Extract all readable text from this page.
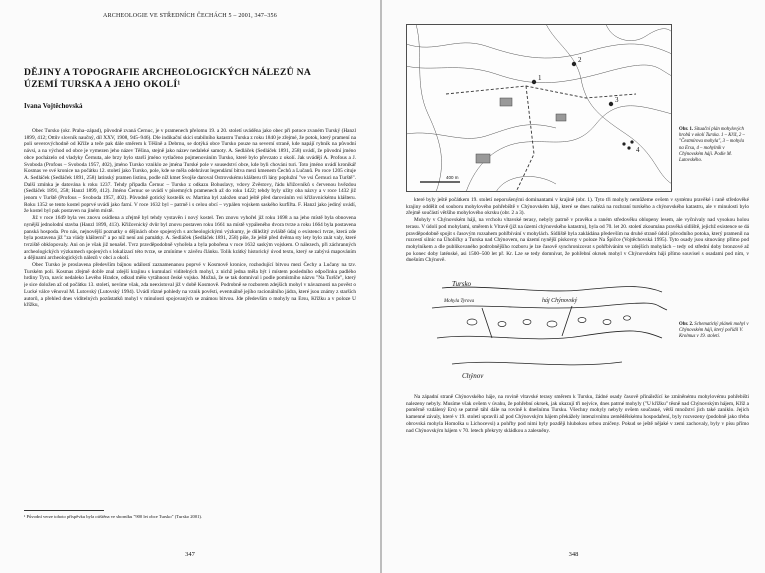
ARCHEOLOGIE VE STŘEDNÍCH ČECHÁCH 5 – 2001, 347–356
DĚJINY A TOPOGRAFIE ARCHEOLOGICKÝCH NÁLEZŮ NA ÚZEMÍ TURSKA A JEHO OKOLÍ¹
Ivana Vojtěchovská

Obec Tursko (okr. Praha–západ), původně zvaná Černuc, je v pramenech přelomu 19. a 20. století uváděna jako obec při potoce zvaném Turský (Hanzl 1899, 412; Ottův slovník naučný, díl XXV, 1908, 945–946). Dle indikační skici stabilního katastru Turska z roku 1840 je zřejmé, že potok, který pramení na poli severovýchodně od Kříže a teče pak dále směrem k Těšíně a Debrnu, se dotýká obce Tursko pouze na severní straně, kde napájí rybník na původní návsi, a na východ od obce je vymezen jeho název Těšina, stejně jako název nedaleké samoty. A. Sedláček (Sedláček 1891, 258) uvádí, že původní jméno obce pocházelo od vladyky Černuta, ale brzy bylo starší jméno vytlačeno pojmenováním Tursko, které bylo převzato z okolí. Jak uvádějí A. Profous a J. Svoboda (Profous – Svoboda 1957, 402), jméno Tursko vzniklo ze jména Turské pole v sousedství obce, kde byli chováni turi. Toto jméno uvádí kronikář Kosmas ve své kronice na počátku 12. století jako Tursko, pole, kde se měla odehrávat legendární bitva mezi kmenem Čechů a Lučanů. Po roce 1205 cituje A. Sedláček (Sedláček 1891, 258) latinský pramen listinu, podle níž kmet Svojše daroval Ostrovskému klášteru tři lány poplužní "ve vsi Černuci na Turště". Další zmínka je datována k roku 1237. Tehdy připadla Černuc – Tursko z odkazu Bohuslavy, vdovy Zvěstovy, řádu křižovníků s červenou hvězdou (Sedláček 1891, 258; Hanzl 1899, 412). Jméno Černuc se uvádí v písemných pramenech až do roku 1422; tehdy byly užity oba názvy a v roce 1432 již jenom v Turště (Profous – Svoboda 1957, 402). Původně gotický kostelík sv. Martina byl založen snad ještě před darováním vsi křižovnickému klášteru. Roku 1352 se tento kostel poprvé uvádí jako farní. V roce 1632 byl – patrně i s celou obcí – vypálen vojskem saského kurfiřta. F. Hanzl jako jediný uvádí, že kostel byl pak postaven na jiném místě.

Již v roce 1649 byla ves znovu osídlena a zřejmě byl tehdy vystavěn i nový kostel. Ten znovu vyhořel již roku 1698 a na jeho místě byla obnovena nynější jednolodní stavba (Hanzl 1899, 413). Křižovnický dvůr byl znovu postaven roku 1661 na místě vypáleného dvora tvrze a roku 1664 byla postavena panská hospoda. Pro nás, nejnovější poznatky o dějinách obce spojených s archeologickými výzkumy, je důležitý zvláště údaj o existenci tvrze, která zde byla postavena již "za vlády klášterní" a po níž není ani památky. A. Sedláček (Sedláček 1891, 258) píše, že ještě před dvěma sty lety bylo znát valy, které tvrziště obklopovaly. Ani on je však již nenašel. Tvrz pravděpodobně vyhořela a byla pobořena v roce 1632 saským vojskem. O nálezech, při záchranných archeologických výzkumech spojených s lokalizací této tvrze, se zmíníme v závěru článku. Tolik krátký historický úvod textu, který se zabývá mapováním a dějinami archeologických nálezů v obci a okolí.

Obec Tursko je proslavena především bájnou událostí zaznamenanou poprvé v Kosmově kronice, rozhodující bitvou mezi Čechy a Lučany na tzv. Turském poli. Kosmas zřejmě dobře znal zdejší krajinu s kumulací viditelných mohyl, z nichž jedna měla být i místem posledního odpočinku padlého hrdiny Tyra, navíc nedaleko Levého Hradce, odkud měło vytáhnout české vojsko. Možná, že se tak domníval i podle pomístního názvu "Na Turšče", který je sice doložen až od počátku 13. století, nevíme však, zda neexistoval již v době Kosmově. Podrobně se rozborem zdejších mohyl v návaznosti na pověst o Lucké válce věnoval M. Lutovský (Lutovský 1994). Uvádí různé pohledy na vznik pověsti, eventuálně jejího racionálního jádra, které jsou známy z starších autorů, a přehled dnes viditelných pozůstatků mohyl v minulosti spojovaných se známou bitvou. Jde především o mohyly na Ersu, Křížku a v poloze U křížku,

¹ Původní verze tohoto příspěvku byla otištěna ve sborníku "900 let obce Tursko" (Tursko 2001).
347
1
2
3
4
400 m
Obr. 1. Situační plán mohylových hrobů v okolí Turska. 1 – Kříž, 2 – "Čestmírova mohyla", 3 – mohyla na Ersu, 4 – mohylník v Chýnovském háji. Podle M. Lutovského.

které byly ještě počátkem 19. století neporušenými dominantami v krajině (obr. 1). Tyto tři mohyly nemůžeme ovšem v systému pravěké i raně středověké krajiny oddělit od souboru mohylového pohřebiště v Chýnovském háji, které se dnes nalézá na rozhraní turského a chýnovského katastru, ale v minulosti bylo zřejmě součástí většího mohylového okrsku (obr. 2 a 3).

Mohyly v Chýnovském háji, na vrcholu vltavské terasy, nebyly patrně v pravěku a raném středověku oblopeny lesem, ale vyčnívaly nad vysokou holou terasu. V údolí pod mohylami, směrem k Vltavě (již na území chýnovského katastru), byla od 70. let 20. století zkoumána pravěká sídliště, jejichž existence se dá pravděpodobně spojit s časovým rozsahem pohřbívání v mohylách. Sídliště byla zakládána především na druhé straně údolí původního potoka, který pramenil na rozcestí silnic na Úholičky a Turska nad Chýnovem, na území nynější pískovny v poloze Na Špičce (Vojtěchovská 1995). Tyto osady jsou situovány přímo pod mohylníkem a dle publikovaného podrobnějšího rozboru je lze časově synchronizovat s pohřbíváním ve zdejších mohylách – tedy od střední doby bronzové až po konec doby laténské, asi 1500–500 let př. Kr. Lze se tedy domnívat, že pohřební okrsek mohyl v Chýnovském háji přímo souvisel s osadami pod ním, v dnešním Chýnově.

Tursko
háj Chýnovský
Mohyla Tyrova
Chýnov
Obr. 2. Schematický plánek mohyl v Chýnovském háji, který pořídil V. Krolmus v 19. století.

Na západní straně Chýnovského háje, na rovině vltavské terasy směrem k Tursku, žádné osady časově přináležící ke zmíněnému mohylovému pohřebišti nalezeny nebyly. Musíme však ovšem v úvahu, že pohřební okrsek, jak ukazují tři nejvíce, dnes patrné mohyly ("U křížku" těsně nad Chýnovským hájem, Kříž a poměrně vzdálený Ers) se patrně táhl dále na rovině k dnešnímu Tursku. Všechny mohyly nebyly ovšem současné, větší množství jich také zaniklo. Jejich kamenné závaly, které v 19. století upravili až pod Chýnovským hájem překážely intenzivnímu zemědělskému hospodaření, byly rozvezeny (podobně jako třeba obrovská mohyla Homolka u Lichocevsi) a pohřby pod nimi byly později hlubokou orbou zničeny. Pokud se ještě nějaké v zemi zachovaly, byly v písu přímo nad Chýnovským hájem v 70. letech překryty skládkou a zalesněny.

348
